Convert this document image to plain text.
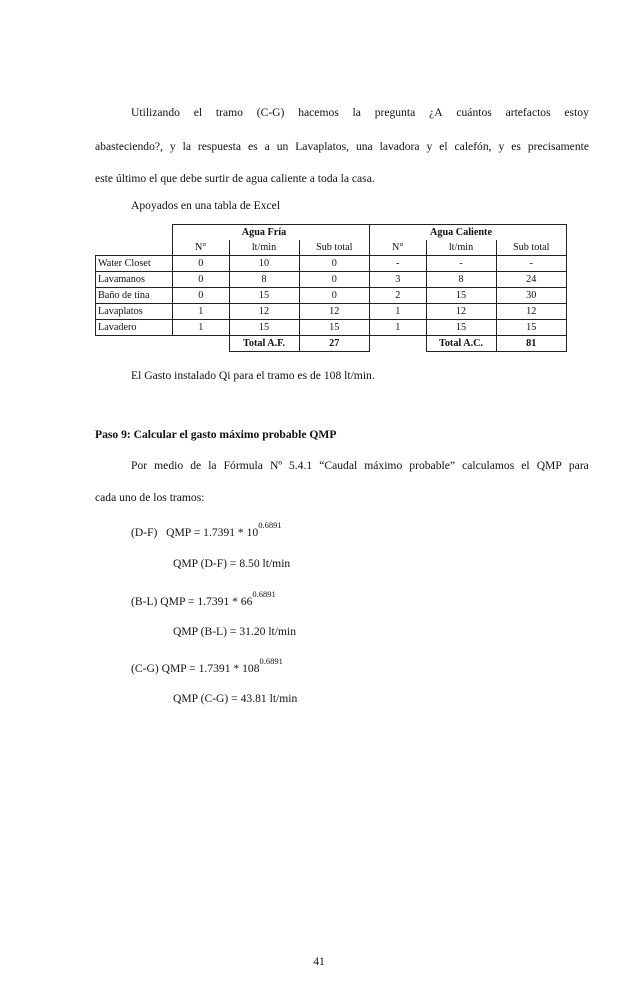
Utilizando el tramo (C-G) hacemos la pregunta ¿A cuántos artefactos estoy
abasteciendo?, y la respuesta es a un Lavaplatos, una lavadora y el calefón, y es precisamente
este último el que debe surtir de agua caliente a toda la casa.
Apoyados en una tabla de Excel
		Agua Fría			Agua Caliente	
	N°	lt/min	Sub total	N°	lt/min	Sub total
Water Closet	0	10	0	-	-	-
Lavamanos	0	8	0	3	8	24
Baño de tina	0	15	0	2	15	30
Lavaplatos	1	12	12	1	12	12
Lavadero	1	15	15	1	15	15
		Total A.F.	27		Total A.C.	81
El Gasto instalado Qi para el tramo es de 108 lt/min.
Paso 9: Calcular el gasto máximo probable QMP
Por medio de la Fórmula Nº 5.4.1 “Caudal máximo probable” calculamos el QMP para
cada uno de los tramos:
(D-F)   QMP = $1.7391 * 10^{0.6891}$
QMP (D-F) = 8.50 lt/min
(B-L) QMP = $1.7391 * 66^{0.6891}$
QMP (B-L) = 31.20 lt/min
(C-G) QMP = $1.7391 * 108^{0.6891}$
QMP (C-G) = 43.81 lt/min
41
